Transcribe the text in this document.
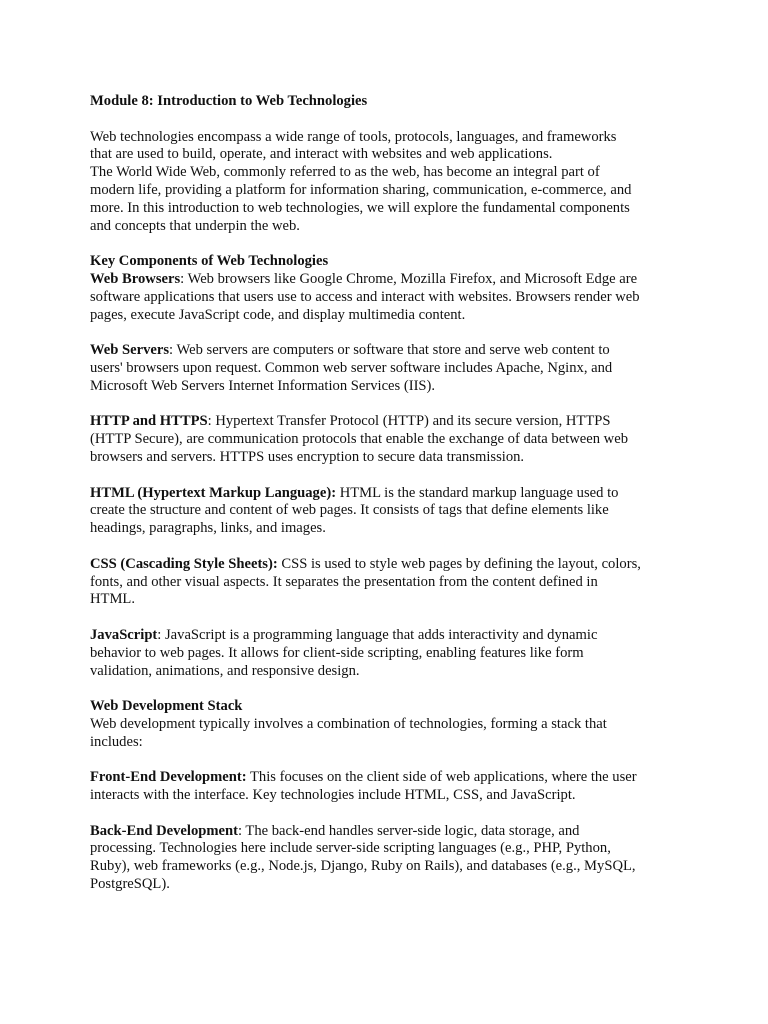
Module 8: Introduction to Web Technologies
Web technologies encompass a wide range of tools, protocols, languages, and frameworks
that are used to build, operate, and interact with websites and web applications.
The World Wide Web, commonly referred to as the web, has become an integral part of
modern life, providing a platform for information sharing, communication, e-commerce, and
more. In this introduction to web technologies, we will explore the fundamental components
and concepts that underpin the web.
Key Components of Web Technologies
Web Browsers: Web browsers like Google Chrome, Mozilla Firefox, and Microsoft Edge are
software applications that users use to access and interact with websites. Browsers render web
pages, execute JavaScript code, and display multimedia content.
Web Servers: Web servers are computers or software that store and serve web content to
users' browsers upon request. Common web server software includes Apache, Nginx, and
Microsoft Web Servers Internet Information Services (IIS).
HTTP and HTTPS: Hypertext Transfer Protocol (HTTP) and its secure version, HTTPS
(HTTP Secure), are communication protocols that enable the exchange of data between web
browsers and servers. HTTPS uses encryption to secure data transmission.
HTML (Hypertext Markup Language): HTML is the standard markup language used to
create the structure and content of web pages. It consists of tags that define elements like
headings, paragraphs, links, and images.
CSS (Cascading Style Sheets): CSS is used to style web pages by defining the layout, colors,
fonts, and other visual aspects. It separates the presentation from the content defined in
HTML.
JavaScript: JavaScript is a programming language that adds interactivity and dynamic
behavior to web pages. It allows for client-side scripting, enabling features like form
validation, animations, and responsive design.
Web Development Stack
Web development typically involves a combination of technologies, forming a stack that
includes:
Front-End Development: This focuses on the client side of web applications, where the user
interacts with the interface. Key technologies include HTML, CSS, and JavaScript.
Back-End Development: The back-end handles server-side logic, data storage, and
processing. Technologies here include server-side scripting languages (e.g., PHP, Python,
Ruby), web frameworks (e.g., Node.js, Django, Ruby on Rails), and databases (e.g., MySQL,
PostgreSQL).
